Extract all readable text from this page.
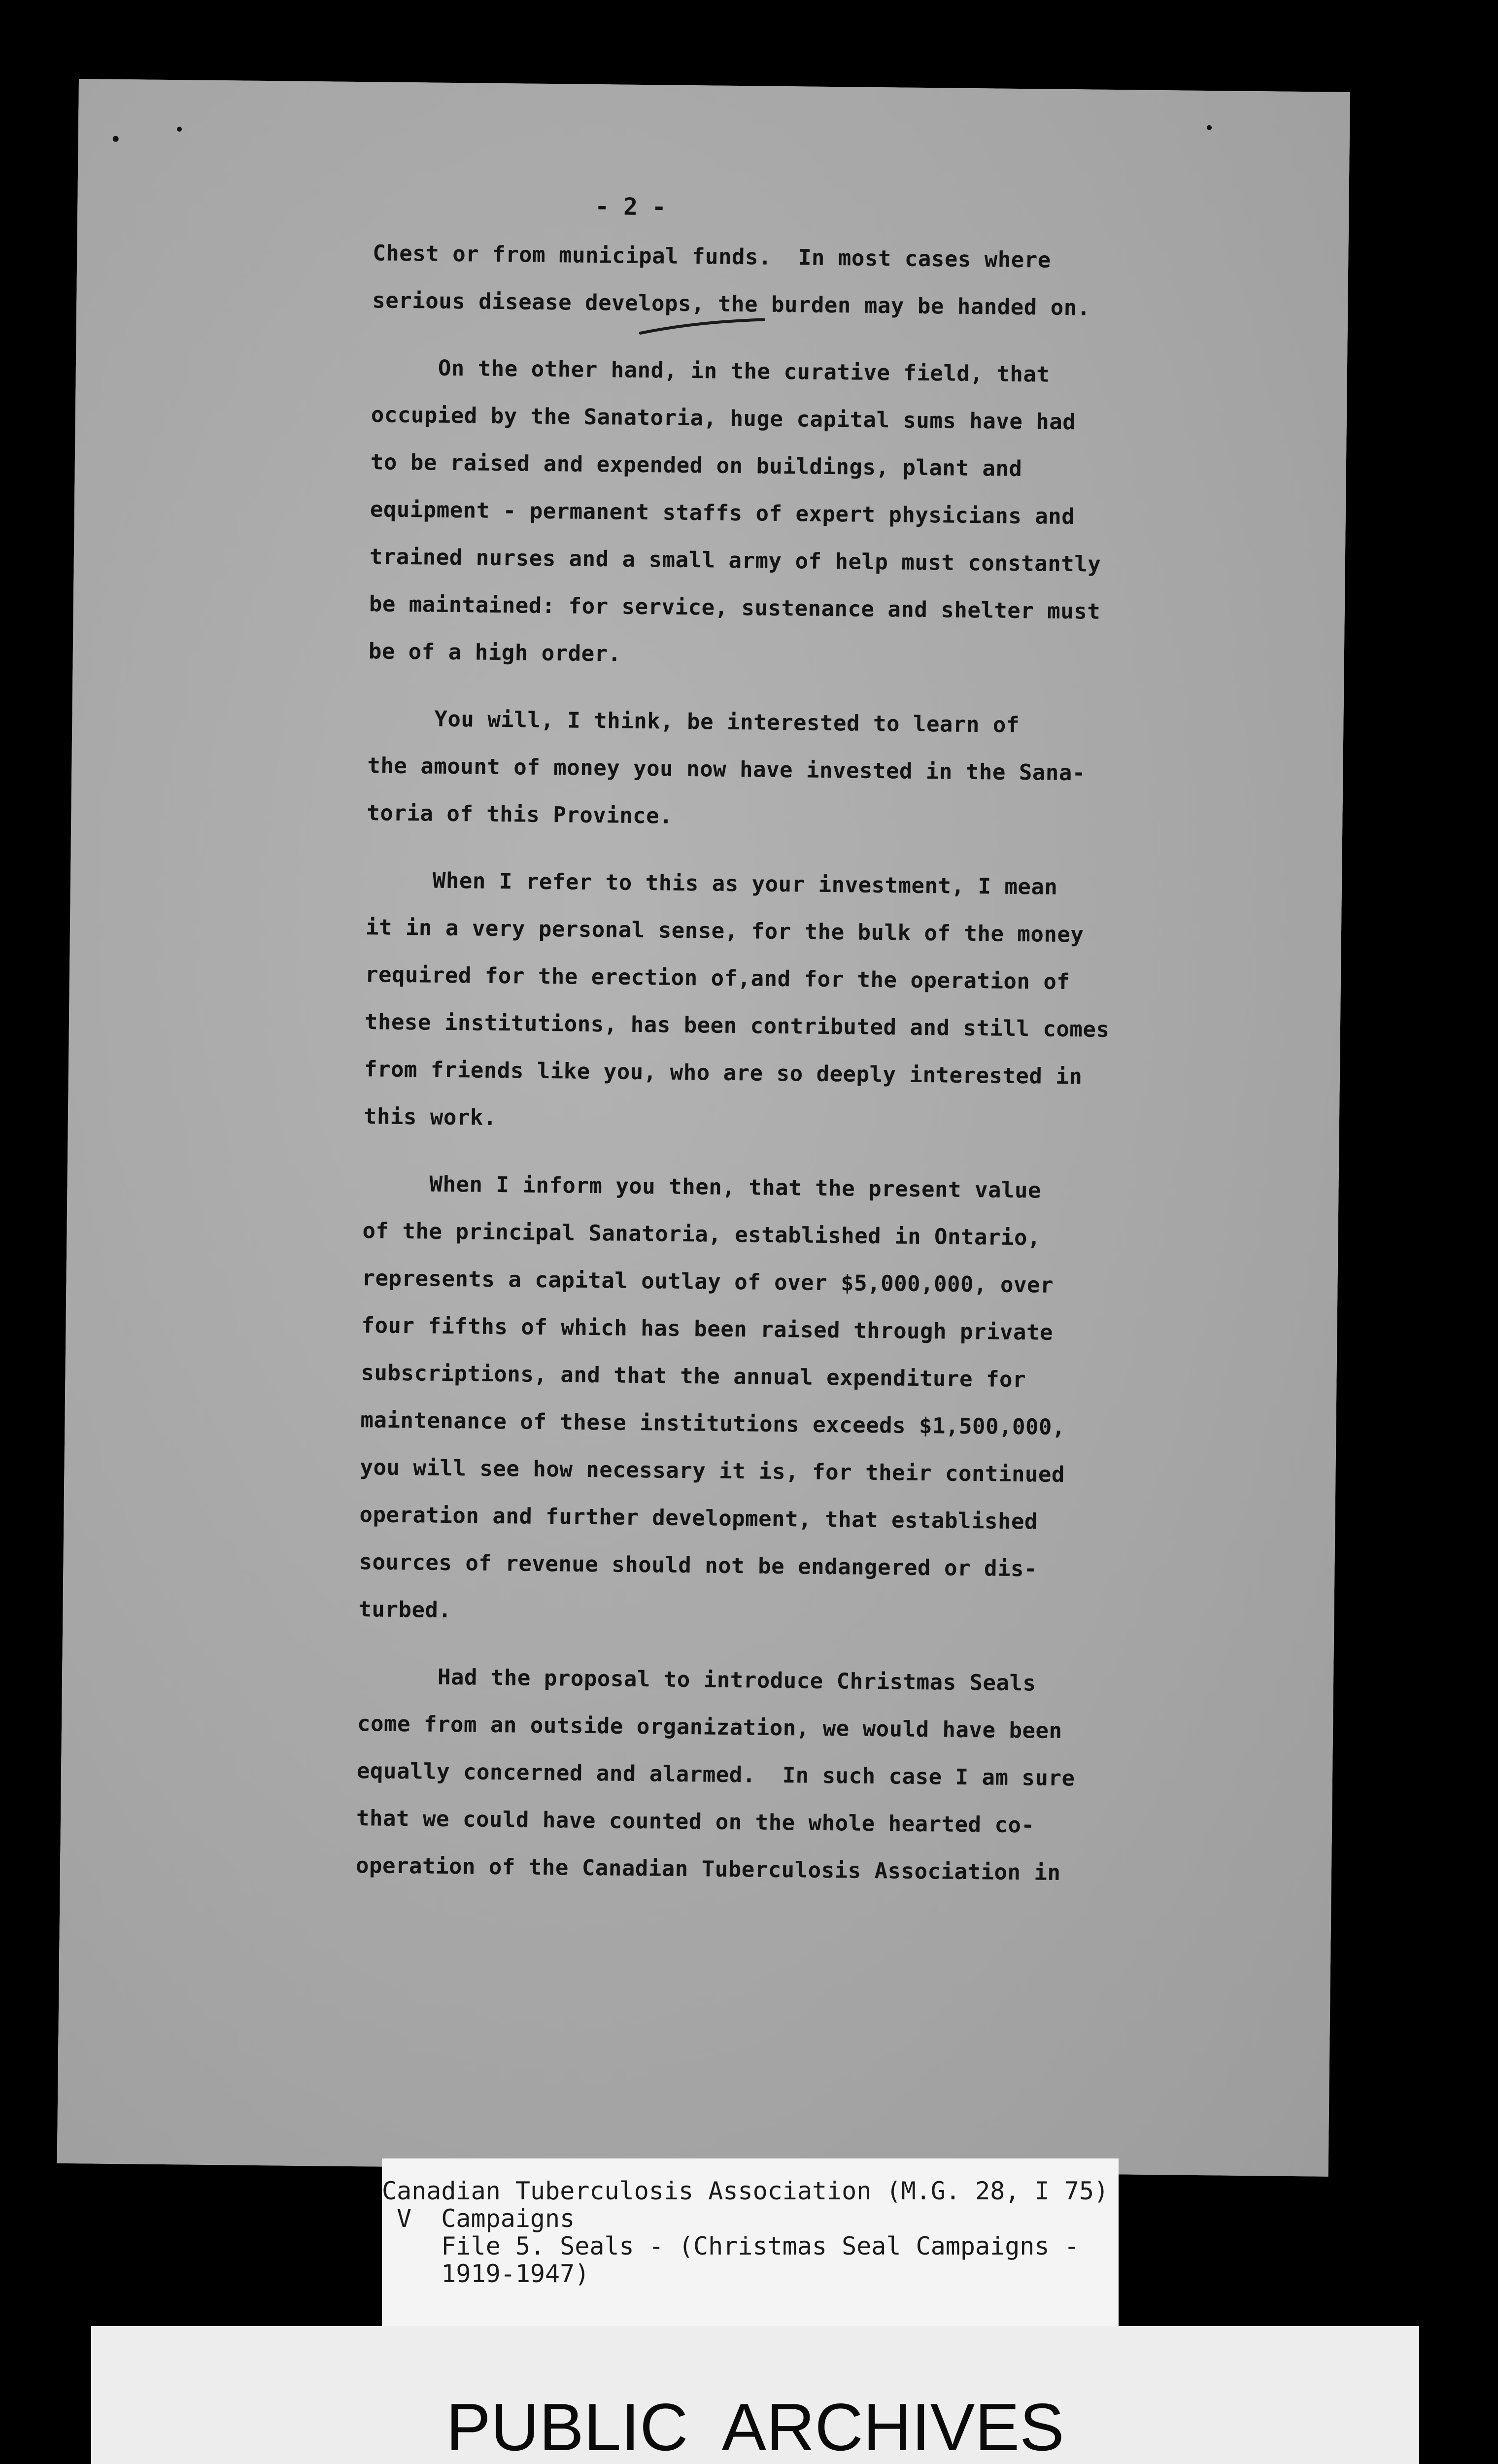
- 2 -
Chest or from municipal funds.  In most cases where
serious disease develops, the burden may be handed on.
On the other hand, in the curative field, that
occupied by the Sanatoria, huge capital sums have had
to be raised and expended on buildings, plant and
equipment - permanent staffs of expert physicians and
trained nurses and a small army of help must constantly
be maintained: for service, sustenance and shelter must
be of a high order.
You will, I think, be interested to learn of
the amount of money you now have invested in the Sana-
toria of this Province.
When I refer to this as your investment, I mean
it in a very personal sense, for the bulk of the money
required for the erection of,and for the operation of
these institutions, has been contributed and still comes
from friends like you, who are so deeply interested in
this work.
When I inform you then, that the present value
of the principal Sanatoria, established in Ontario,
represents a capital outlay of over $5,000,000, over
four fifths of which has been raised through private
subscriptions, and that the annual expenditure for
maintenance of these institutions exceeds $1,500,000,
you will see how necessary it is, for their continued
operation and further development, that established
sources of revenue should not be endangered or dis-
turbed.
Had the proposal to introduce Christmas Seals
come from an outside organization, we would have been
equally concerned and alarmed.  In such case I am sure
that we could have counted on the whole hearted co-
operation of the Canadian Tuberculosis Association in
Canadian Tuberculosis Association (M.G. 28, I 75)
V  Campaigns
File 5. Seals - (Christmas Seal Campaigns -
1919-1947)
PUBLIC  ARCHIVES
